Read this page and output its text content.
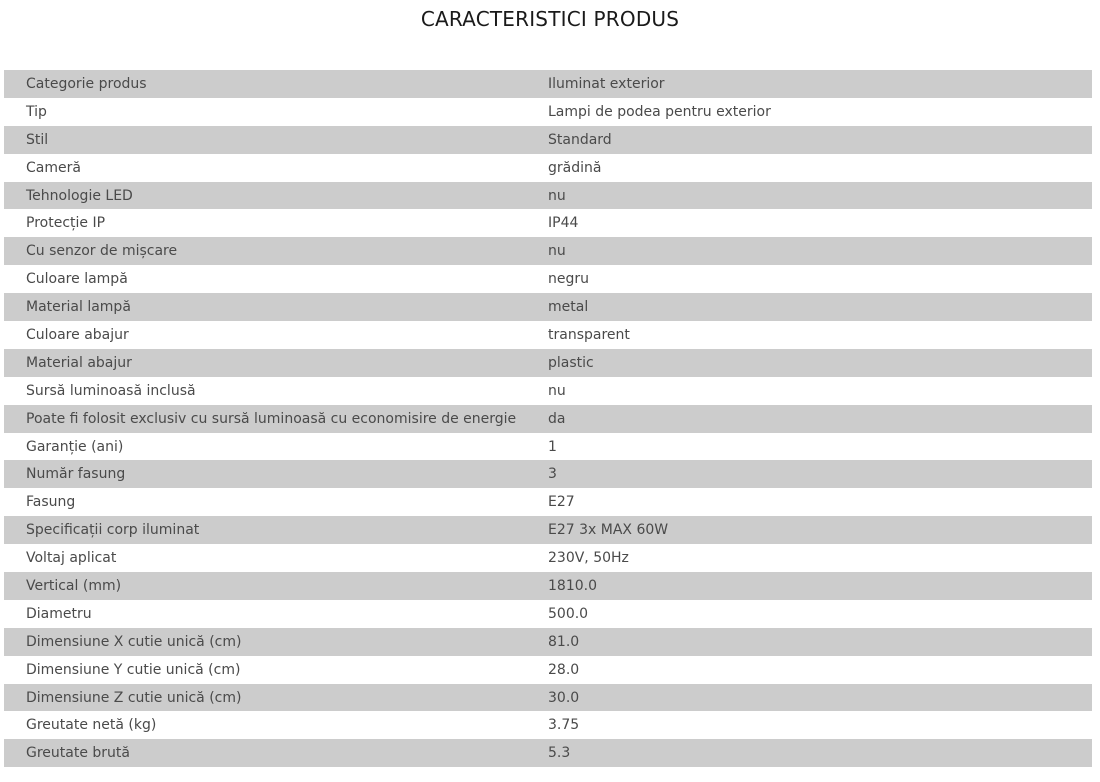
CARACTERISTICI PRODUS
Categorie produs	Iluminat exterior
Tip	Lampi de podea pentru exterior
Stil	Standard
Cameră	grădină
Tehnologie LED	nu
Protecție IP	IP44
Cu senzor de mișcare	nu
Culoare lampă	negru
Material lampă	metal
Culoare abajur	transparent
Material abajur	plastic
Sursă luminoasă inclusă	nu
Poate fi folosit exclusiv cu sursă luminoasă cu economisire de energie	da
Garanție (ani)	1
Număr fasung	3
Fasung	E27
Specificații corp iluminat	E27 3x MAX 60W
Voltaj aplicat	230V, 50Hz
Vertical (mm)	1810.0
Diametru	500.0
Dimensiune X cutie unică (cm)	81.0
Dimensiune Y cutie unică (cm)	28.0
Dimensiune Z cutie unică (cm)	30.0
Greutate netă (kg)	3.75
Greutate brută	5.3
